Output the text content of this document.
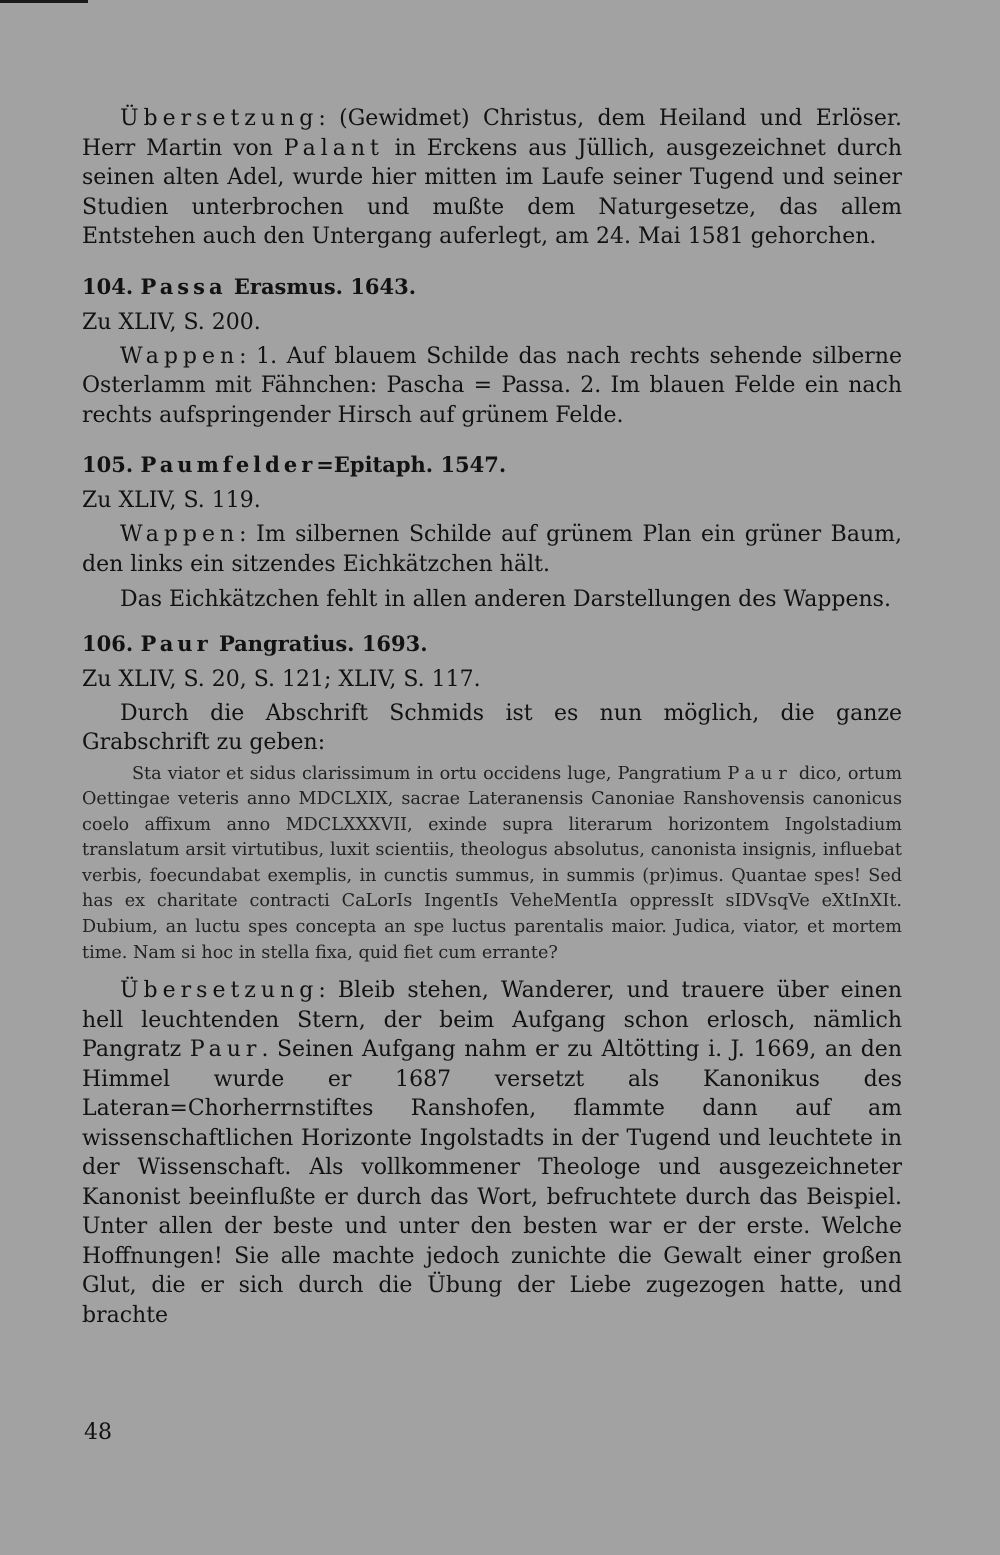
Übersetzung: (Gewidmet) Christus, dem Heiland und Erlöser. Herr Martin von Palant in Erckens aus Jüllich, ausgezeichnet durch seinen alten Adel, wurde hier mitten im Laufe seiner Tugend und seiner Studien unterbrochen und mußte dem Naturgesetze, das allem Entstehen auch den Untergang auferlegt, am 24. Mai 1581 gehorchen.

104. Passa Erasmus. 1643.

Zu XLIV, S. 200.

Wappen: 1. Auf blauem Schilde das nach rechts sehende silberne Osterlamm mit Fähnchen: Pascha = Passa. 2. Im blauen Felde ein nach rechts aufspringender Hirsch auf grünem Felde.

105. Paumfelder=Epitaph. 1547.

Zu XLIV, S. 119.

Wappen: Im silbernen Schilde auf grünem Plan ein grüner Baum, den links ein sitzendes Eichkätzchen hält.

Das Eichkätzchen fehlt in allen anderen Darstellungen des Wappens.

106. Paur Pangratius. 1693.

Zu XLIV, S. 20, S. 121; XLIV, S. 117.

Durch die Abschrift Schmids ist es nun möglich, die ganze Grabschrift zu geben:

Sta viator et sidus clarissimum in ortu occidens luge, Pangratium Paur dico, ortum Oettingae veteris anno MDCLXIX, sacrae Lateranensis Canoniae Ranshovensis canonicus coelo affixum anno MDCLXXXVII, exinde supra literarum horizontem Ingolstadium translatum arsit virtutibus, luxit scientiis, theologus absolutus, canonista insignis, influebat verbis, foecundabat exemplis, in cunctis summus, in summis (pr)imus. Quantae spes! Sed has ex charitate contracti CaLorIs IngentIs VeheMentIa oppressIt sIDVsqVe eXtInXIt. Dubium, an luctu spes concepta an spe luctus parentalis maior. Judica, viator, et mortem time. Nam si hoc in stella fixa, quid fiet cum errante?

Übersetzung: Bleib stehen, Wanderer, und trauere über einen hell leuchtenden Stern, der beim Aufgang schon erlosch, nämlich Pangratz Paur. Seinen Aufgang nahm er zu Altötting i. J. 1669, an den Himmel wurde er 1687 versetzt als Kanonikus des Lateran=Chorherrnstiftes Ranshofen, flammte dann auf am wissenschaftlichen Horizonte Ingolstadts in der Tugend und leuchtete in der Wissenschaft. Als vollkommener Theologe und ausgezeichneter Kanonist beeinflußte er durch das Wort, befruchtete durch das Beispiel. Unter allen der beste und unter den besten war er der erste. Welche Hoffnungen! Sie alle machte jedoch zunichte die Gewalt einer großen Glut, die er sich durch die Übung der Liebe zugezogen hatte, und brachte

48
